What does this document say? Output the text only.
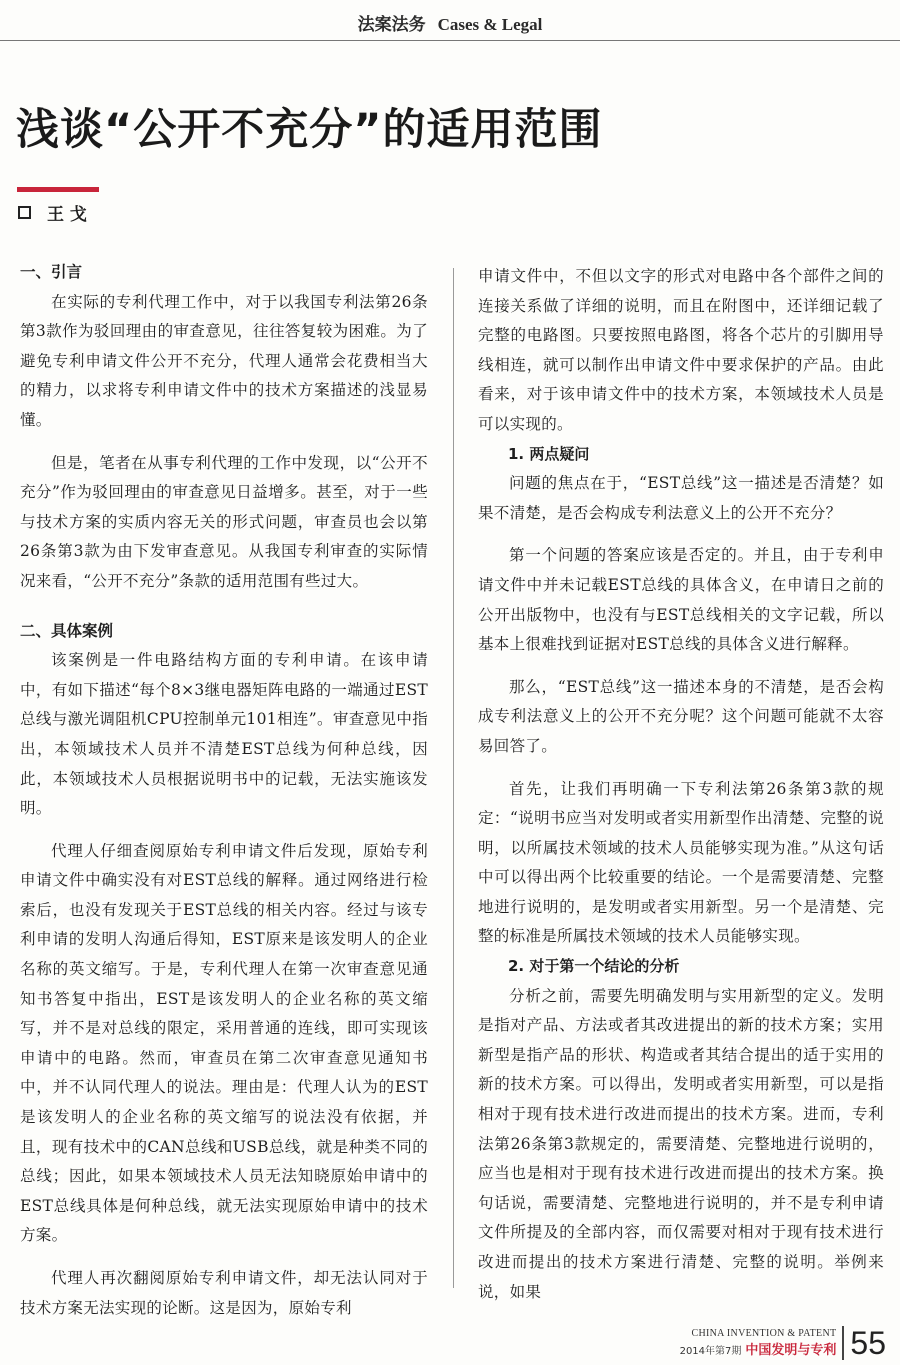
法案法务 Cases & Legal
浅谈“公开不充分”的适用范围
王 戈
一、引言

在实际的专利代理工作中，对于以我国专利法第26条第3款作为驳回理由的审查意见，往往答复较为困难。为了避免专利申请文件公开不充分，代理人通常会花费相当大的精力，以求将专利申请文件中的技术方案描述的浅显易懂。

但是，笔者在从事专利代理的工作中发现，以“公开不充分”作为驳回理由的审查意见日益增多。甚至，对于一些与技术方案的实质内容无关的形式问题，审查员也会以第26条第3款为由下发审查意见。从我国专利审查的实际情况来看，“公开不充分”条款的适用范围有些过大。

二、具体案例

该案例是一件电路结构方面的专利申请。在该申请中，有如下描述“每个8×3继电器矩阵电路的一端通过EST总线与激光调阻机CPU控制单元101相连”。审查意见中指出，本领域技术人员并不清楚EST总线为何种总线，因此，本领域技术人员根据说明书中的记载，无法实施该发明。

代理人仔细查阅原始专利申请文件后发现，原始专利申请文件中确实没有对EST总线的解释。通过网络进行检索后，也没有发现关于EST总线的相关内容。经过与该专利申请的发明人沟通后得知，EST原来是该发明人的企业名称的英文缩写。于是，专利代理人在第一次审查意见通知书答复中指出，EST是该发明人的企业名称的英文缩写，并不是对总线的限定，采用普通的连线，即可实现该申请中的电路。然而，审查员在第二次审查意见通知书中，并不认同代理人的说法。理由是：代理人认为的EST是该发明人的企业名称的英文缩写的说法没有依据，并且，现有技术中的CAN总线和USB总线，就是种类不同的总线；因此，如果本领域技术人员无法知晓原始申请中的EST总线具体是何种总线，就无法实现原始申请中的技术方案。

代理人再次翻阅原始专利申请文件，却无法认同对于技术方案无法实现的论断。这是因为，原始专利

申请文件中，不但以文字的形式对电路中各个部件之间的连接关系做了详细的说明，而且在附图中，还详细记载了完整的电路图。只要按照电路图，将各个芯片的引脚用导线相连，就可以制作出申请文件中要求保护的产品。由此看来，对于该申请文件中的技术方案，本领域技术人员是可以实现的。

1. 两点疑问

问题的焦点在于，“EST总线”这一描述是否清楚？如果不清楚，是否会构成专利法意义上的公开不充分？

第一个问题的答案应该是否定的。并且，由于专利申请文件中并未记载EST总线的具体含义，在申请日之前的公开出版物中，也没有与EST总线相关的文字记载，所以基本上很难找到证据对EST总线的具体含义进行解释。

那么，“EST总线”这一描述本身的不清楚，是否会构成专利法意义上的公开不充分呢？这个问题可能就不太容易回答了。

首先，让我们再明确一下专利法第26条第3款的规定：“说明书应当对发明或者实用新型作出清楚、完整的说明，以所属技术领域的技术人员能够实现为准。”从这句话中可以得出两个比较重要的结论。一个是需要清楚、完整地进行说明的，是发明或者实用新型。另一个是清楚、完整的标准是所属技术领域的技术人员能够实现。

2. 对于第一个结论的分析

分析之前，需要先明确发明与实用新型的定义。发明是指对产品、方法或者其改进提出的新的技术方案；实用新型是指产品的形状、构造或者其结合提出的适于实用的新的技术方案。可以得出，发明或者实用新型，可以是指相对于现有技术进行改进而提出的技术方案。进而，专利法第26条第3款规定的，需要清楚、完整地进行说明的，应当也是相对于现有技术进行改进而提出的技术方案。换句话说，需要清楚、完整地进行说明的，并不是专利申请文件所提及的全部内容，而仅需要对相对于现有技术进行改进而提出的技术方案进行清楚、完整的说明。举例来说，如果

CHINA INVENTION & PATENT
2014年第7期 中国发明与专利 55
